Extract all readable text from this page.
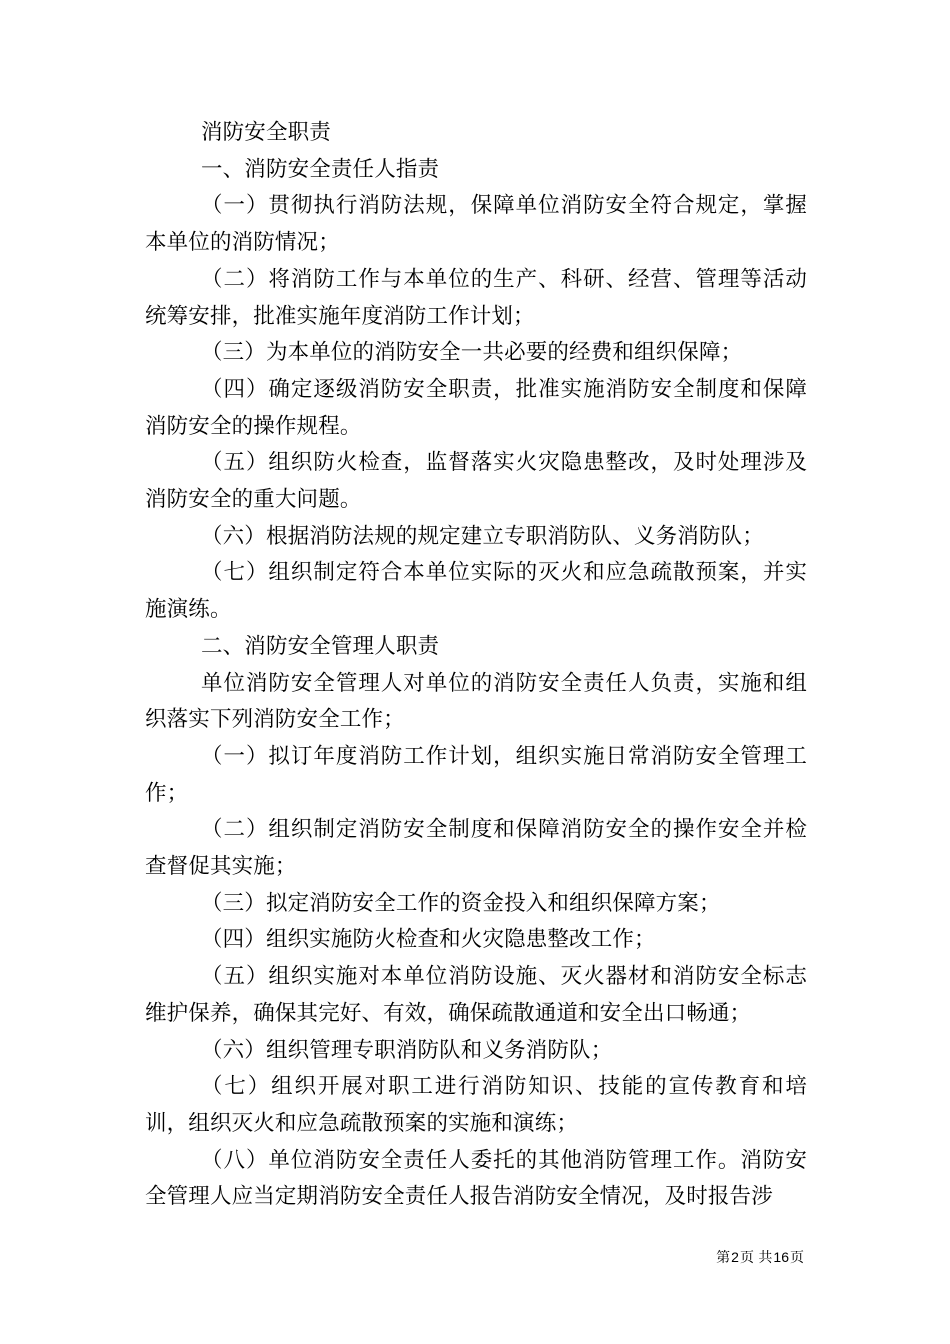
消防安全职责

一、消防安全责任人指责

（一）贯彻执行消防法规，保障单位消防安全符合规定，掌握本单位的消防情况；

（二）将消防工作与本单位的生产、科研、经营、管理等活动统筹安排，批准实施年度消防工作计划；

（三）为本单位的消防安全一共必要的经费和组织保障；

（四）确定逐级消防安全职责，批准实施消防安全制度和保障消防安全的操作规程。

（五）组织防火检查，监督落实火灾隐患整改，及时处理涉及消防安全的重大问题。

（六）根据消防法规的规定建立专职消防队、义务消防队；

（七）组织制定符合本单位实际的灭火和应急疏散预案，并实施演练。

二、消防安全管理人职责

单位消防安全管理人对单位的消防安全责任人负责，实施和组织落实下列消防安全工作；

（一）拟订年度消防工作计划，组织实施日常消防安全管理工作；

（二）组织制定消防安全制度和保障消防安全的操作安全并检查督促其实施；

（三）拟定消防安全工作的资金投入和组织保障方案；

（四）组织实施防火检查和火灾隐患整改工作；

（五）组织实施对本单位消防设施、灭火器材和消防安全标志维护保养，确保其完好、有效，确保疏散通道和安全出口畅通；

（六）组织管理专职消防队和义务消防队；

（七）组织开展对职工进行消防知识、技能的宣传教育和培训，组织灭火和应急疏散预案的实施和演练；

（八）单位消防安全责任人委托的其他消防管理工作。消防安全管理人应当定期消防安全责任人报告消防安全情况，及时报告涉

第2页 共16页
